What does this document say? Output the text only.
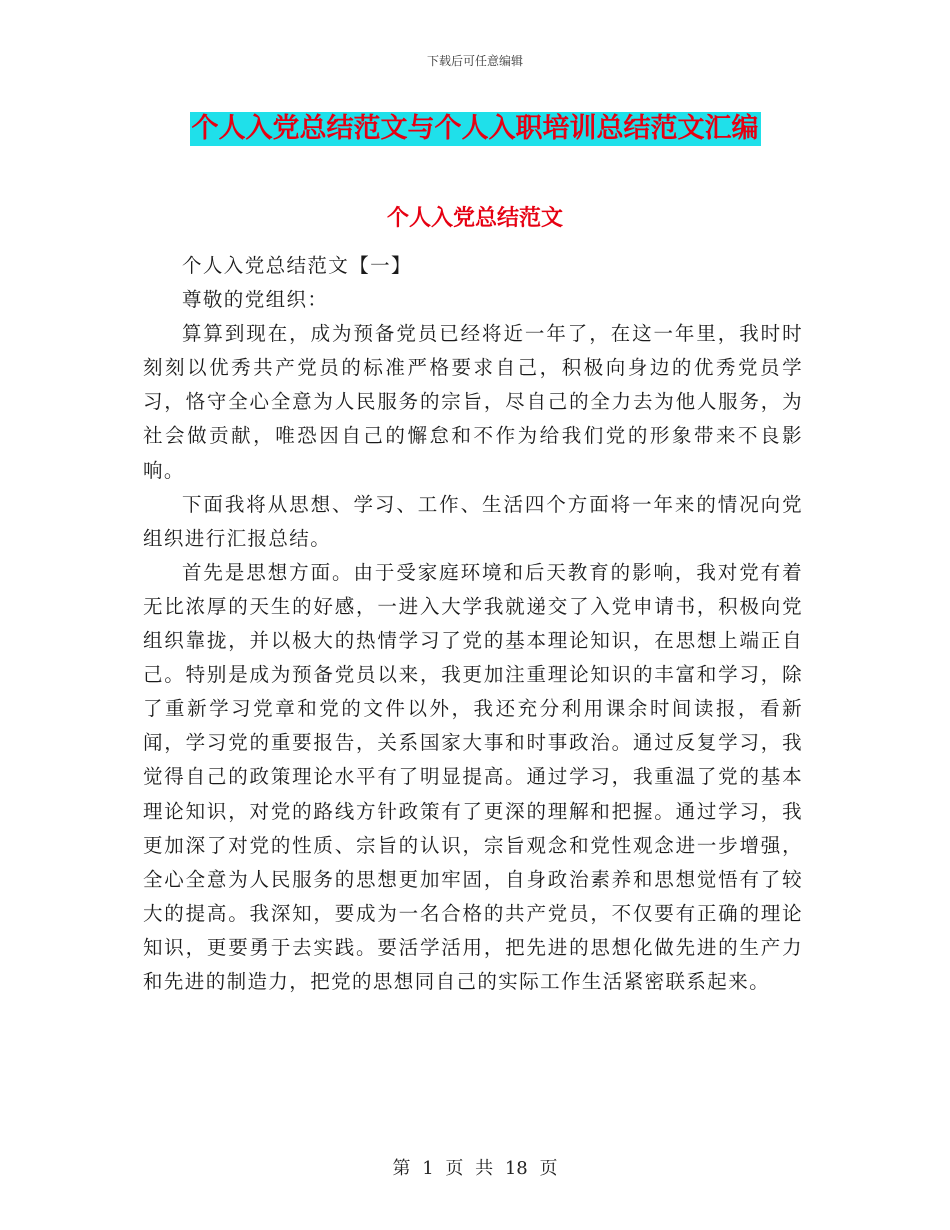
下载后可任意编辑
个人入党总结范文与个人入职培训总结范文汇编
个人入党总结范文

个人入党总结范文【一】

尊敬的党组织：

算算到现在，成为预备党员已经将近一年了，在这一年里，我时时刻刻以优秀共产党员的标准严格要求自己，积极向身边的优秀党员学习，恪守全心全意为人民服务的宗旨，尽自己的全力去为他人服务，为社会做贡献，唯恐因自己的懈怠和不作为给我们党的形象带来不良影响。

下面我将从思想、学习、工作、生活四个方面将一年来的情况向党组织进行汇报总结。

首先是思想方面。由于受家庭环境和后天教育的影响，我对党有着无比浓厚的天生的好感，一进入大学我就递交了入党申请书，积极向党组织靠拢，并以极大的热情学习了党的基本理论知识，在思想上端正自己。特别是成为预备党员以来，我更加注重理论知识的丰富和学习，除了重新学习党章和党的文件以外，我还充分利用课余时间读报，看新闻，学习党的重要报告，关系国家大事和时事政治。通过反复学习，我觉得自己的政策理论水平有了明显提高。通过学习，我重温了党的基本理论知识，对党的路线方针政策有了更深的理解和把握。通过学习，我更加深了对党的性质、宗旨的认识，宗旨观念和党性观念进一步增强，全心全意为人民服务的思想更加牢固，自身政治素养和思想觉悟有了较大的提高。我深知，要成为一名合格的共产党员，不仅要有正确的理论知识，更要勇于去实践。要活学活用，把先进的思想化做先进的生产力和先进的制造力，把党的思想同自己的实际工作生活紧密联系起来。

第 1 页 共 18 页
